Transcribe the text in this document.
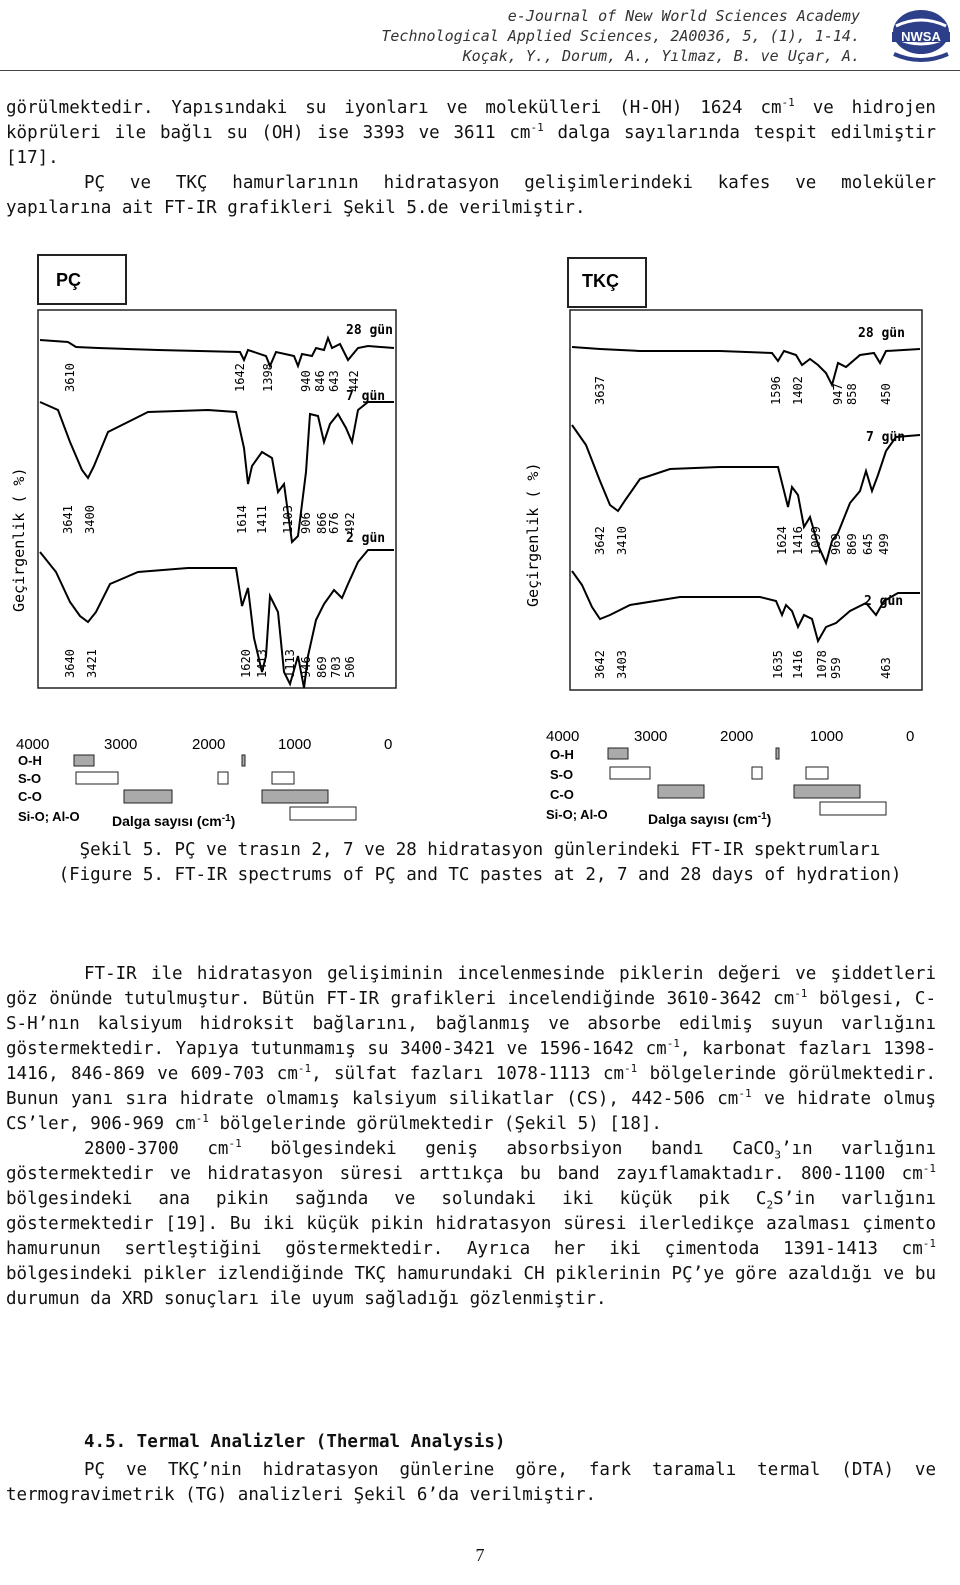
e-Journal of New World Sciences Academy
Technological Applied Sciences, 2A0036, 5, (1), 1-14.
Koçak, Y., Dorum, A., Yılmaz, B. ve Uçar, A.
NWSA

görülmektedir. Yapısındaki su iyonları ve molekülleri (H-OH) 1624 $cm^{-1}$ ve hidrojen köprüleri ile bağlı su (OH) ise 3393 ve 3611 $cm^{-1}$ dalga sayılarında tespit edilmiştir [17].

PÇ ve TKÇ hamurlarının hidratasyon gelişimlerindeki kafes ve moleküler yapılarına ait FT-IR grafikleri Şekil 5.de verilmiştir.

PÇ
Geçirgenlik ( %)
28 gün
7 gün
2 gün
3610	1642 1398 940 846 643 442
3641 3400	1614 1411 1103 906 866
676 492
3640 3421	1620 1413 1113 946 869 703 506
4000	3000	2000	1000	0
O-H
S-O
C-O
Si-O; Al-O Dalga sayısı $(cm^{-1})$
TKÇ
Geçirgenlik ( %)
28 gün
7 gün
2 gün
3637	1596 1402 947 858 450
3642 3410	1624 1416 1099 969 869 645 499
3642 3403	1635 1416 1078 959	463
4000	3000	2000	1000	0
O-H
S-O
C-O
Si-O; Al-O	Dalga sayısı $(cm^{-1})$

Şekil 5. PÇ ve trasın 2, 7 ve 28 hidratasyon günlerindeki FT-IR spektrumları

(Figure 5. FT-IR spectrums of PÇ and TC pastes at 2, 7 and 28 days of hydration)

FT-IR ile hidratasyon gelişiminin incelenmesinde piklerin değeri ve şiddetleri göz önünde tutulmuştur. Bütün FT-IR grafikleri incelendiğinde 3610-3642 $cm^{-1}$ bölgesi, C-S-H’nın kalsiyum hidroksit bağlarını, bağlanmış ve absorbe edilmiş suyun varlığını göstermektedir. Yapıya tutunmamış su 3400-3421 ve 1596-1642 $cm^{-1}$, karbonat fazları 1398-1416, 846-869 ve 609-703 $cm^{-1}$, sülfat fazları 1078-1113 $cm^{-1}$ bölgelerinde görülmektedir. Bunun yanı sıra hidrate olmamış kalsiyum silikatlar (CS), 442-506 $cm^{-1}$ ve hidrate olmuş CS’ler, 906-969 $cm^{-1}$ bölgelerinde görülmektedir (Şekil 5) [18].

2800-3700 $cm^{-1}$ bölgesindeki geniş absorbsiyon bandı CaCO$_3$’ın varlığını göstermektedir ve hidratasyon süresi arttıkça bu band zayıflamaktadır. 800-1100 $cm^{-1}$ bölgesindeki ana pikin sağında ve solundaki iki küçük pik $C_2S’in$ varlığını göstermektedir [19]. Bu iki küçük pikin hidratasyon süresi ilerledikçe azalması çimento hamurunun sertleştiğini göstermektedir. Ayrıca her iki çimentoda 1391-1413 $cm^{-1}$ bölgesindeki pikler izlendiğinde TKÇ hamurundaki CH piklerinin PÇ’ye göre azaldığı ve bu durumun da XRD sonuçları ile uyum sağladığı gözlenmiştir.

4.5. Termal Analizler (Thermal Analysis)

PÇ ve TKÇ’nin hidratasyon günlerine göre, fark taramalı termal (DTA) ve termogravimetrik (TG) analizleri Şekil 6’da verilmiştir.

7
